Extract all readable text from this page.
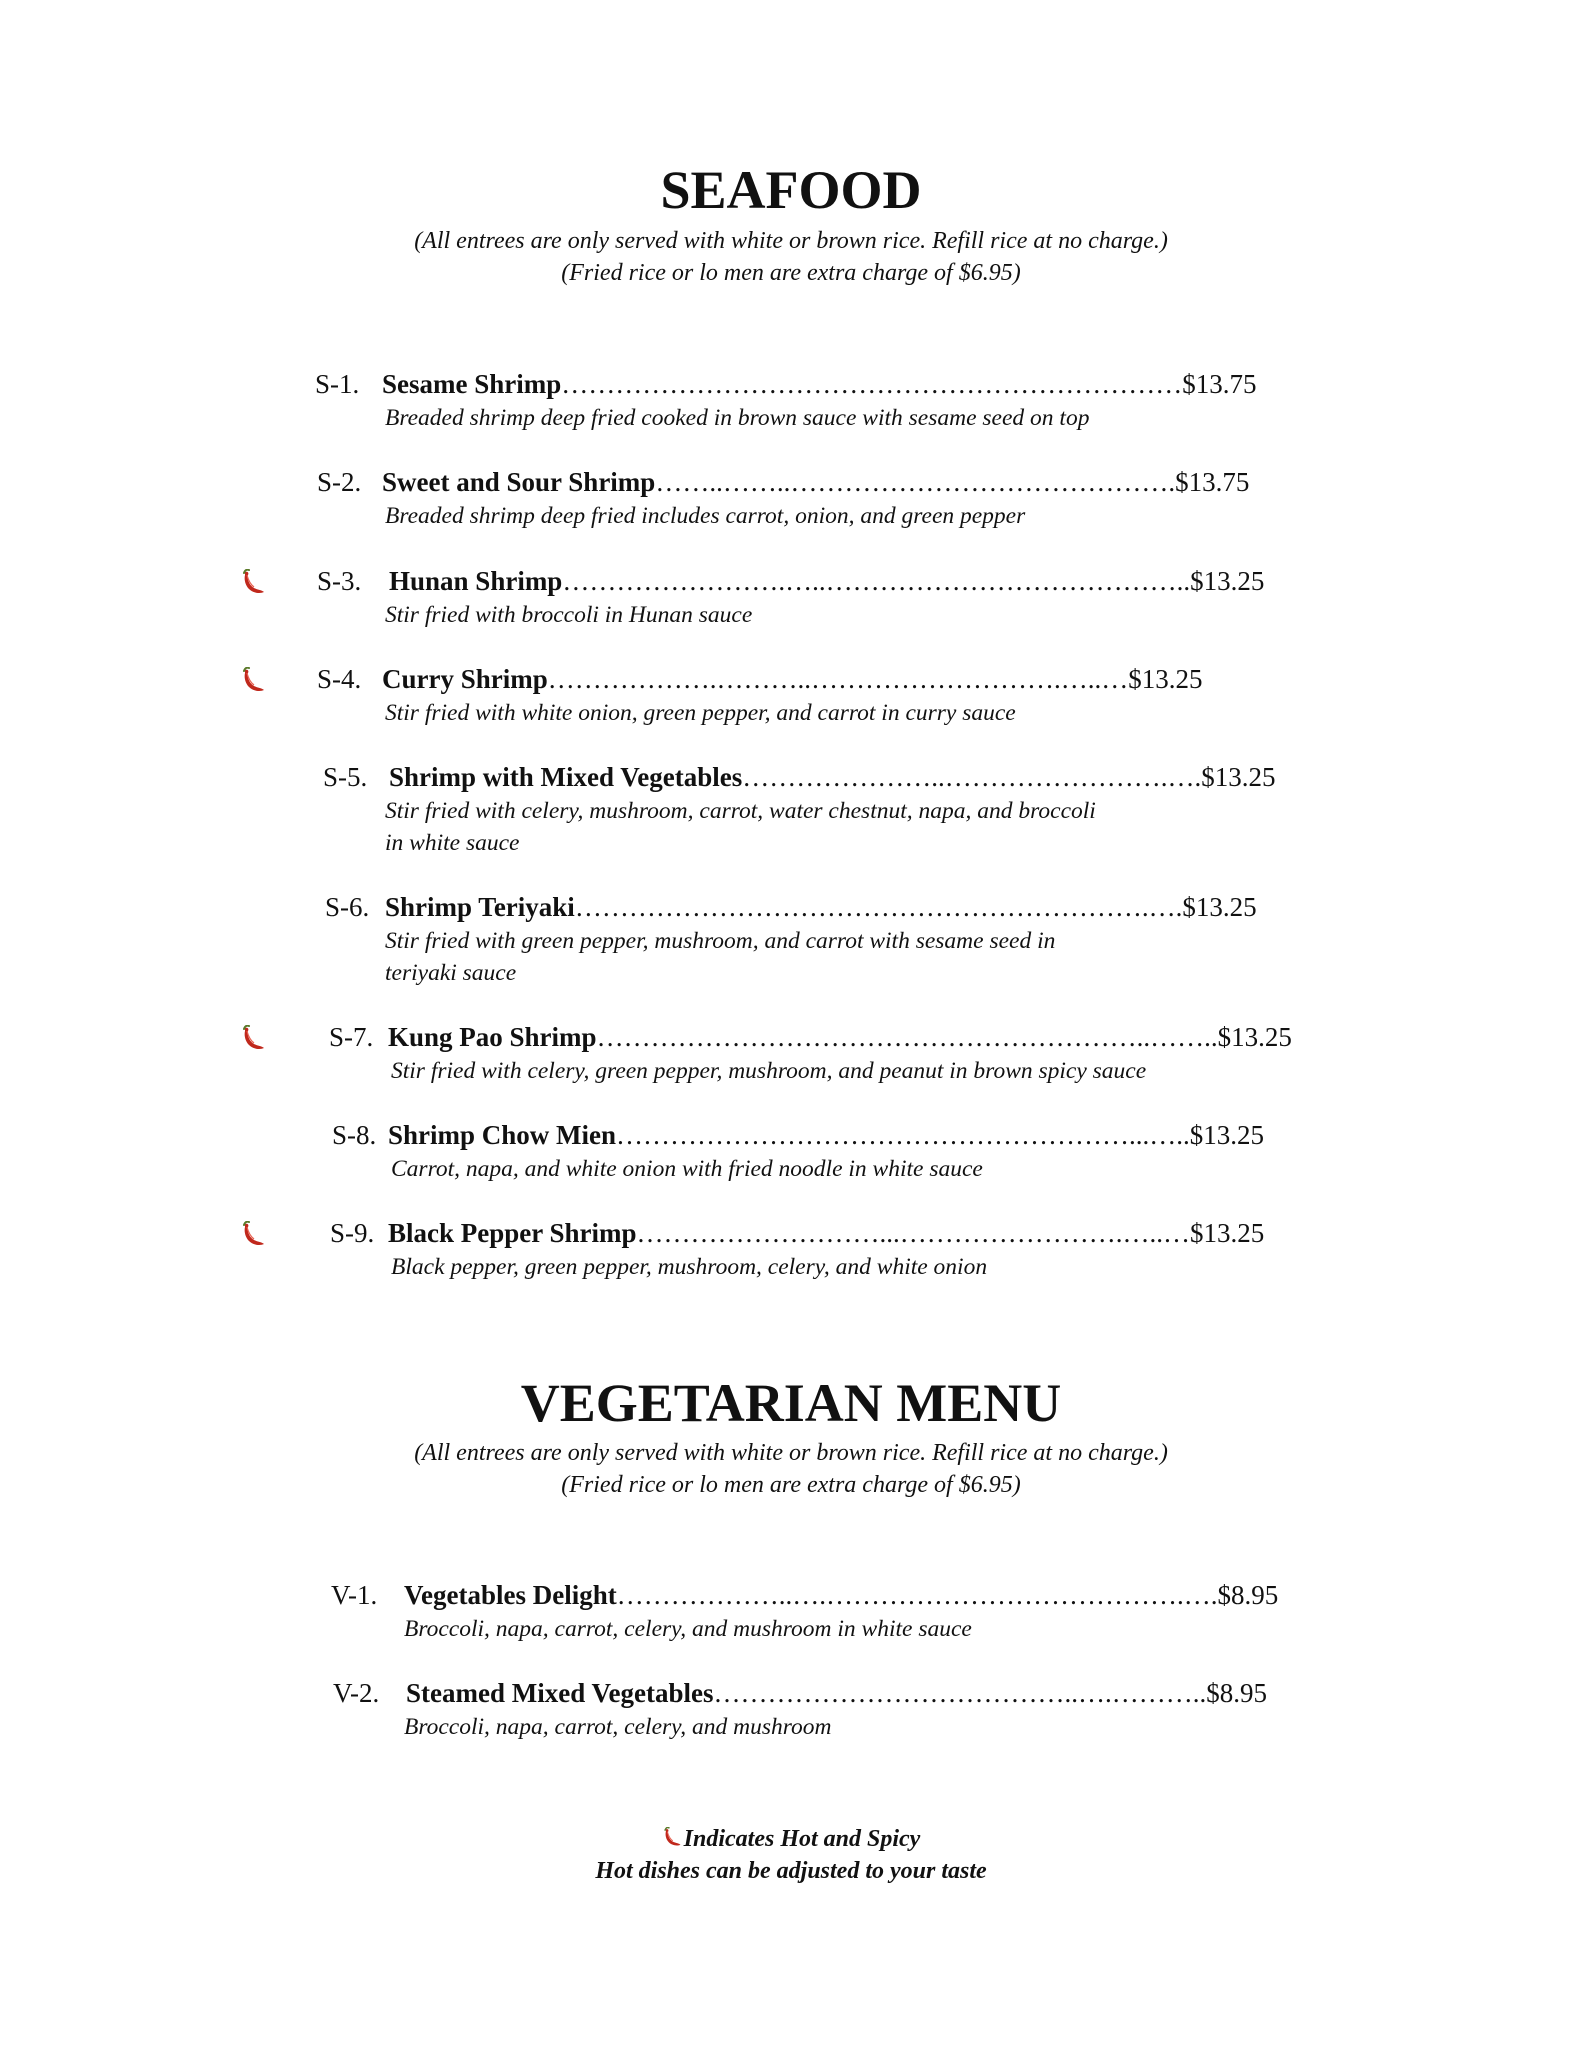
SEAFOOD
(All entrees are only served with white or brown rice. Refill rice at no charge.)
(Fried rice or lo men are extra charge of $6.95)
S-1. Sesame Shrimp……………………………………………………………$13.75
Breaded shrimp deep fried cooked in brown sauce with sesame seed on top
S-2. Sweet and Sour Shrimp……..……..…………………………………….$13.75
Breaded shrimp deep fried includes carrot, onion, and green pepper
S-3. Hunan Shrimp…………………….…..…………………………………..$13.25
Stir fried with broccoli in Hunan sauce
S-4. Curry Shrimp……………….………..……………………….…..…$13.25
Stir fried with white onion, green pepper, and carrot in curry sauce
S-5. Shrimp with Mixed Vegetables…………………..…………………….….$13.25
Stir fried with celery, mushroom, carrot, water chestnut, napa, and broccoli
in white sauce
S-6. Shrimp Teriyaki……………………………………………………….….$13.25
Stir fried with green pepper, mushroom, and carrot with sesame seed in
teriyaki sauce
S-7. Kung Pao Shrimp……………………………………………………..……..$13.25
Stir fried with celery, green pepper, mushroom, and peanut in brown spicy sauce
S-8. Shrimp Chow Mien…………………………………………………...…..$13.25
Carrot, napa, and white onion with fried noodle in white sauce
S-9. Black Pepper Shrimp………………………...…………………….…..…$13.25
Black pepper, green pepper, mushroom, celery, and white onion
VEGETARIAN MENU
(All entrees are only served with white or brown rice. Refill rice at no charge.)
(Fried rice or lo men are extra charge of $6.95)
V-1. Vegetables Delight………………..….………………………………….….$8.95
Broccoli, napa, carrot, celery, and mushroom in white sauce
V-2. Steamed Mixed Vegetables…………………………………..….………..$8.95
Broccoli, napa, carrot, celery, and mushroom
Indicates Hot and Spicy
Hot dishes can be adjusted to your taste
